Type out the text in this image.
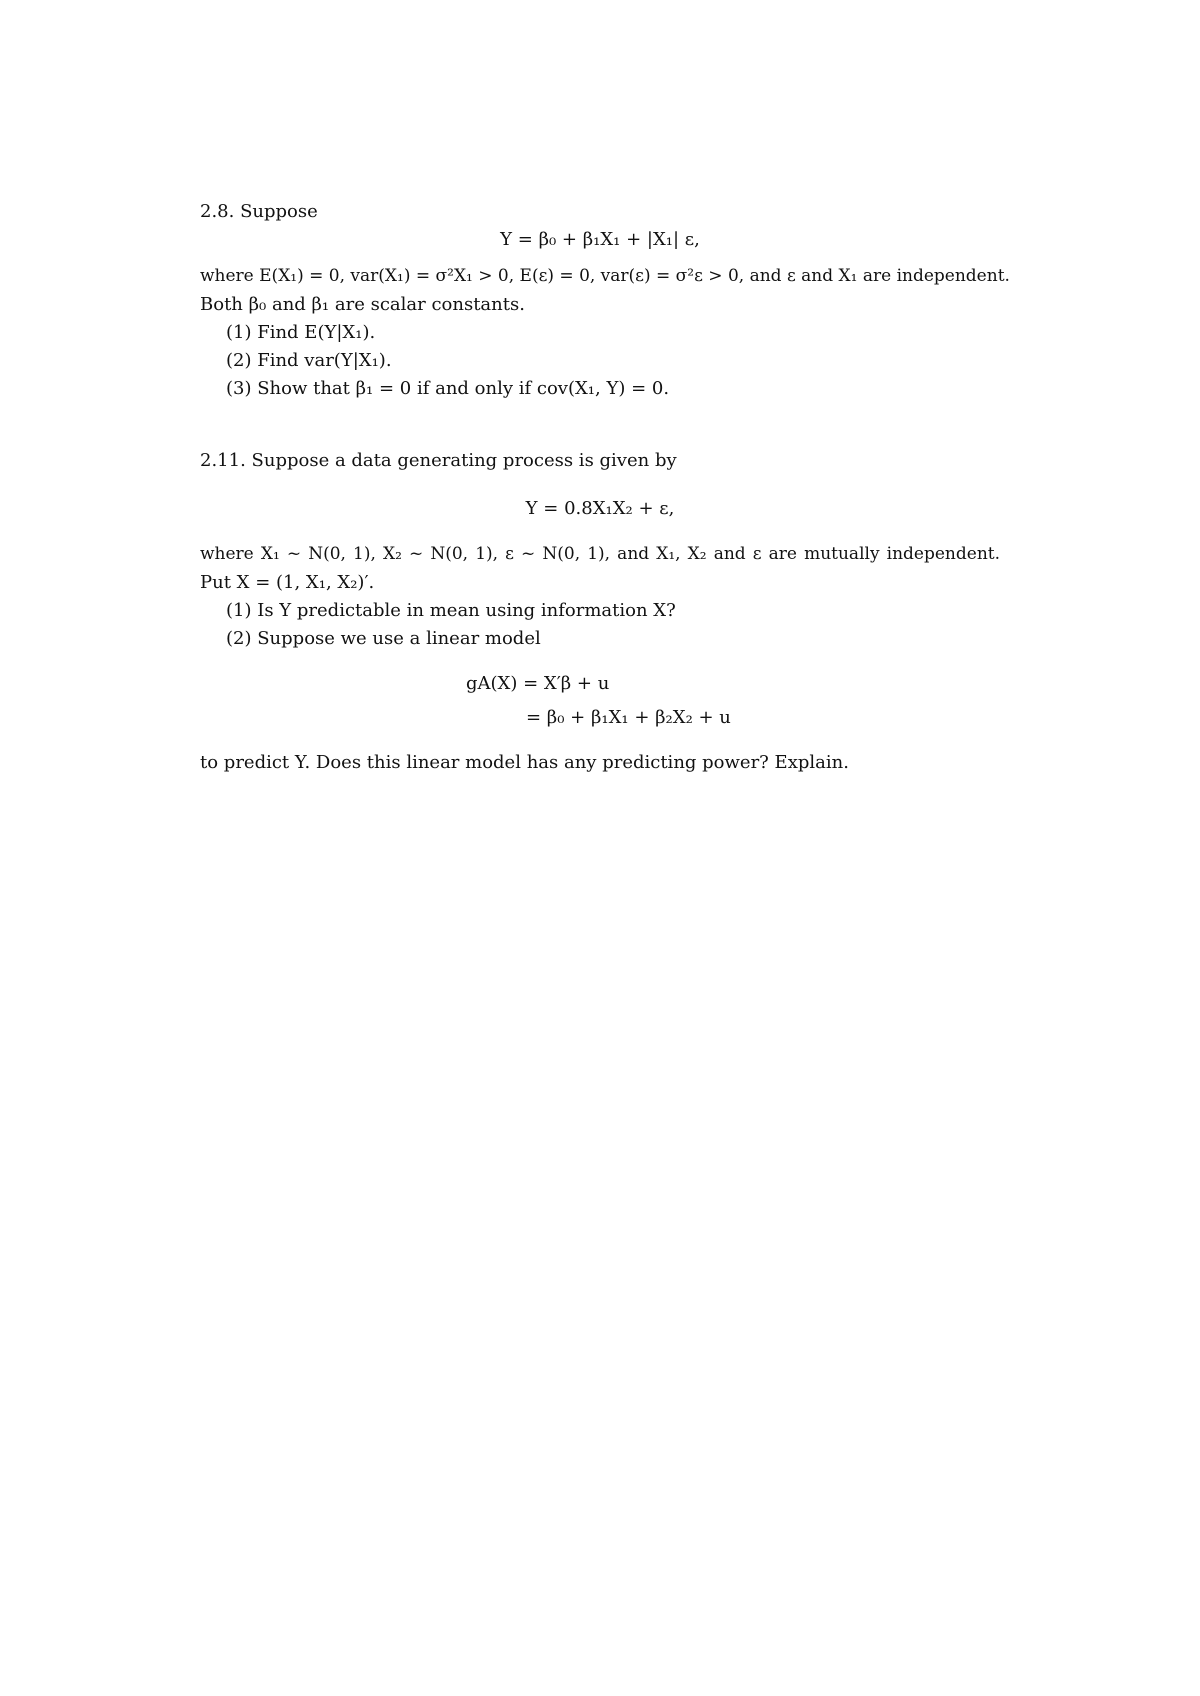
2.8. Suppose
Y = β₀ + β₁X₁ + |X₁| ε,
where E(X₁) = 0, var(X₁) = σ²X₁ > 0, E(ε) = 0, var(ε) = σ²ε > 0, and ε and X₁ are independent.
Both β₀ and β₁ are scalar constants.
(1) Find E(Y|X₁).
(2) Find var(Y|X₁).
(3) Show that β₁ = 0 if and only if cov(X₁, Y) = 0.
2.11. Suppose a data generating process is given by
Y = 0.8X₁X₂ + ε,
where X₁ ~ N(0, 1), X₂ ~ N(0, 1), ε ~ N(0, 1), and X₁, X₂ and ε are mutually independent.
Put X = (1, X₁, X₂)′.
(1) Is Y predictable in mean using information X?
(2) Suppose we use a linear model
gA(X) = X′β + u
= β₀ + β₁X₁ + β₂X₂ + u
to predict Y. Does this linear model has any predicting power? Explain.
